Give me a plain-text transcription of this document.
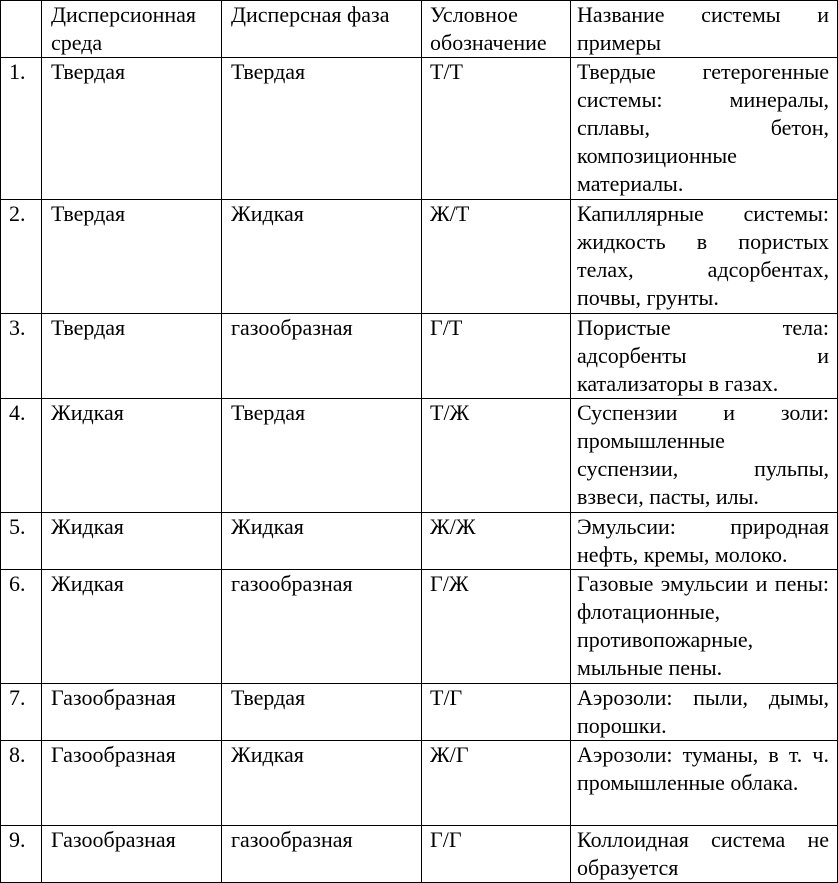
	Дисперсионная среда	Дисперсная фаза	Условное обозначение	Название системы и примеры
1.	Твердая	Твердая	Т/Т	Твердые гетерогенные системы: минералы, сплавы, бетон, композиционные материалы.
2.	Твердая	Жидкая	Ж/Т	Капиллярные системы: жидкость в пористых телах, адсорбентах, почвы, грунты.
3.	Твердая	газообразная	Г/Т	Пористые тела: адсорбенты и катализаторы в газах.
4.	Жидкая	Твердая	Т/Ж	Суспензии и золи: промышленные суспензии, пульпы, взвеси, пасты, илы.
5.	Жидкая	Жидкая	Ж/Ж	Эмульсии: природная нефть, кремы, молоко.
6.	Жидкая	газообразная	Г/Ж	Газовые эмульсии и пены: флотационные, противопожарные, мыльные пены.
7.	Газообразная	Твердая	Т/Г	Аэрозоли: пыли, дымы, порошки.
8.	Газообразная	Жидкая	Ж/Г	Аэрозоли: туманы, в т. ч. промышленные облака.
9.	Газообразная	газообразная	Г/Г	Коллоидная система не образуется
